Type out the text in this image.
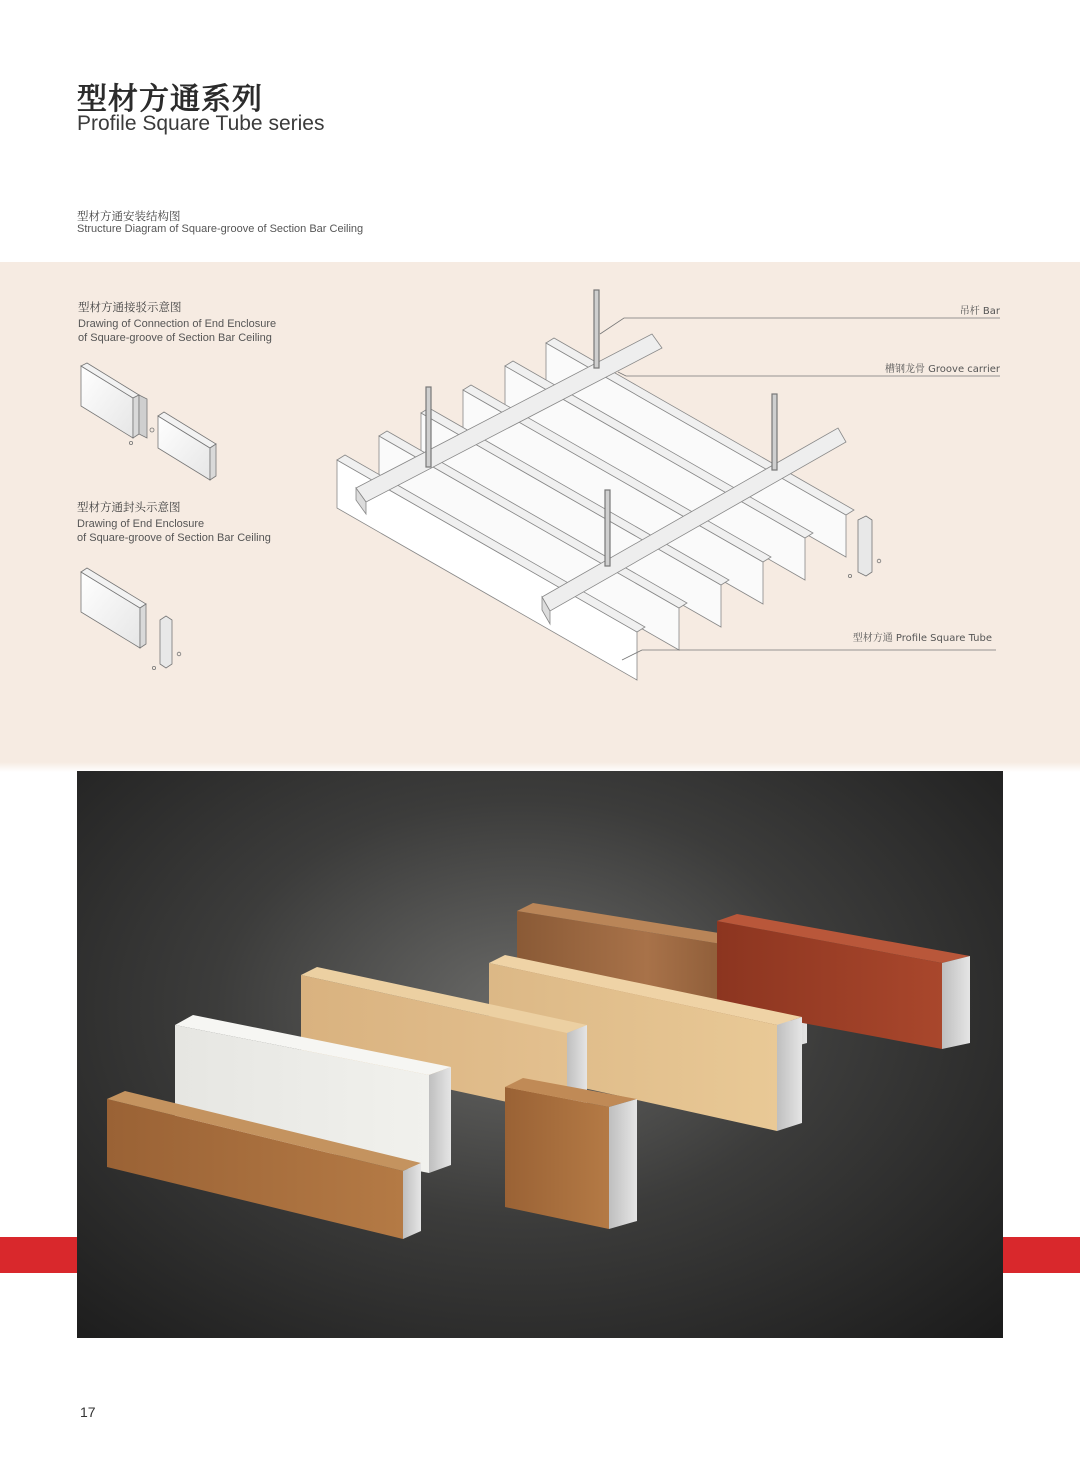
型材方通系列
Profile Square Tube series
型材方通安装结构图
Structure Diagram of Square-groove of Section Bar Ceiling
型材方通接驳示意图
Drawing of Connection of End Enclosure
of Square-groove of Section Bar Ceiling
型材方通封头示意图
Drawing of End Enclosure
of Square-groove of Section Bar Ceiling
吊杆 Bar
槽钢龙骨 Groove carrier
型材方通 Profile Square Tube
17
